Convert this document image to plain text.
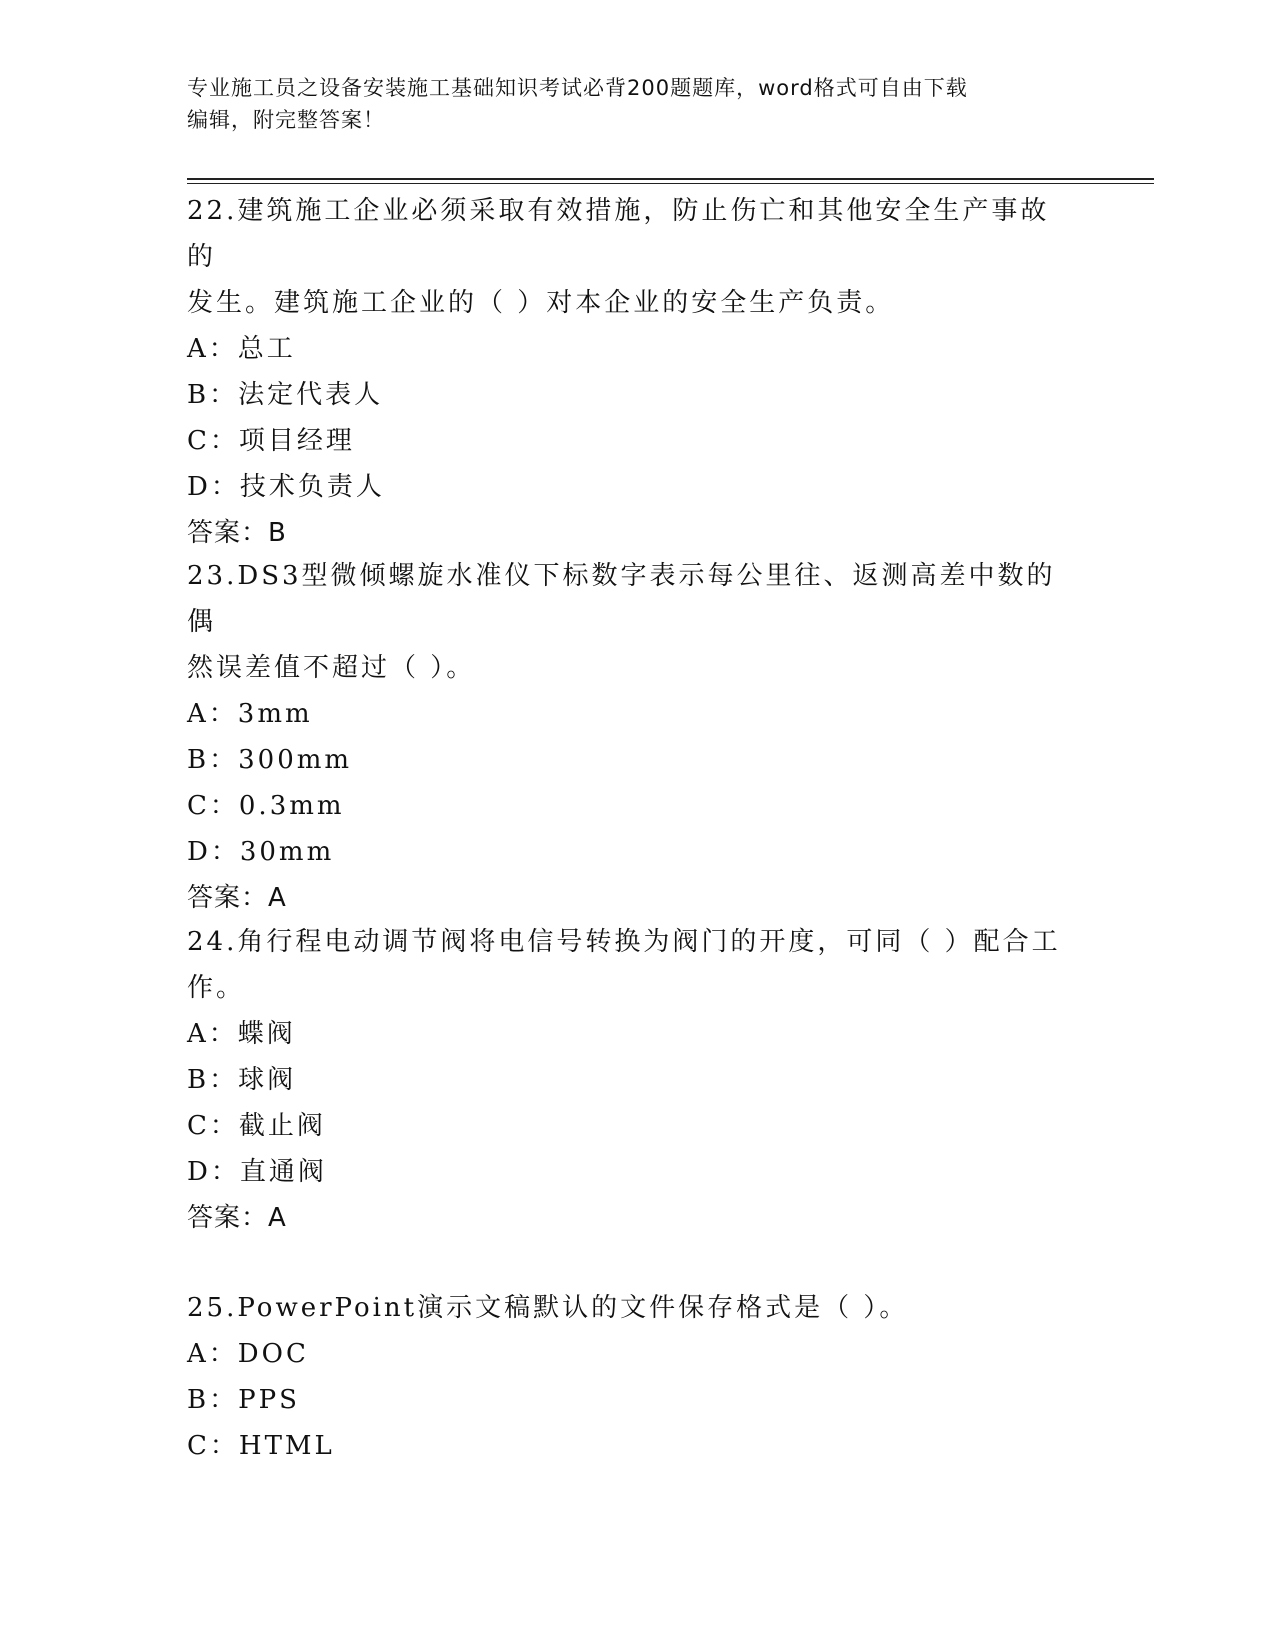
专业施工员之设备安装施工基础知识考试必背200题题库，word格式可自由下载
编辑，附完整答案！

22.建筑施工企业必须采取有效措施，防止伤亡和其他安全生产事故的

发生。建筑施工企业的（ ）对本企业的安全生产负责。

A：总工

B：法定代表人

C：项目经理

D：技术负责人

答案：B

23.DS3型微倾螺旋水准仪下标数字表示每公里往、返测高差中数的偶

然误差值不超过（ ）。

A：3mm

B：300mm

C：0.3mm

D：30mm

答案：A

24.角行程电动调节阀将电信号转换为阀门的开度，可同（ ）配合工

作。

A：蝶阀

B：球阀

C：截止阀

D：直通阀

答案：A

25.PowerPoint演示文稿默认的文件保存格式是（ ）。

A：DOC

B：PPS

C：HTML
